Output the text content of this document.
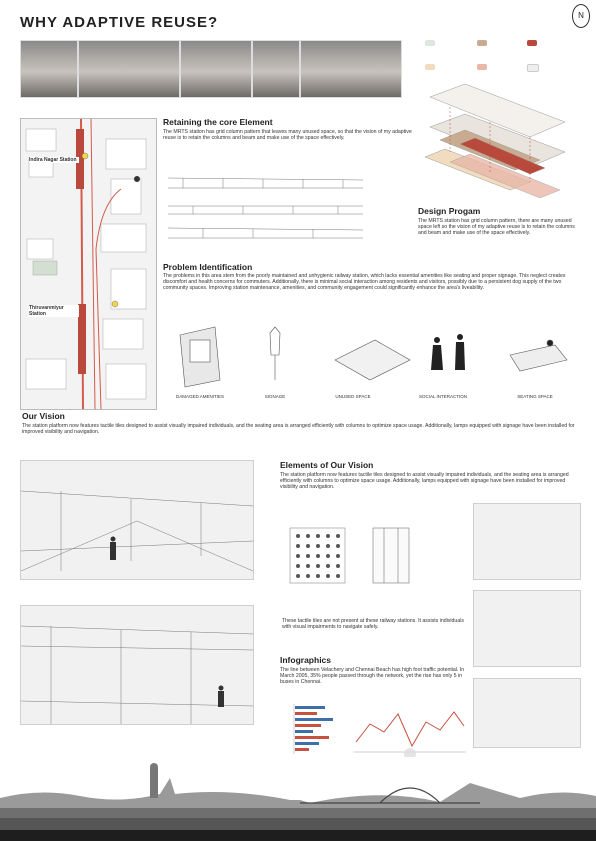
WHY ADAPTIVE REUSE?	N
Indira Nagar Station
Thiruvanmiyur Station
Retaining the core Element
The MRTS station has grid column pattern that leaves many unused space, so that the vision of my adaptive reuse is to retain the columns and beam and make use of the space effectively.
Design Progam
The MRTS station has grid column pattern, there are many unused space left so the vision of my adaptive reuse is to retain the columns and beam and make use of the space effectively.
Problem Identification
The problems in this area stem from the poorly maintained and unhygienic railway station, which lacks essential amenities like seating and proper signage. This neglect creates discomfort and health concerns for commuters. Additionally, there is minimal social interaction among residents and visitors, possibly due to a persistent dog supply of the two community spaces. Improving station maintenance, amenities, and community engagement could significantly enhance the area's liveability.
DAMAGED AMENITIES	SIGNAGE	UNUSED SPACE	SOCIAL INTERACTION	SEATING SPACE
Our Vision
The station platform now features tactile tiles designed to assist visually impaired individuals, and the seating area is arranged efficiently with columns to optimize space usage. Additionally, lamps equipped with signage have been installed for improved visibility and navigation.
Elements of Our Vision
The station platform now features tactile tiles designed to assist visually impaired individuals, and the seating area is arranged efficiently with columns to optimize space usage. Additionally, lamps equipped with signage have been installed for improved visibility and navigation.
These tactile tiles are not present at these railway stations. It assists individuals with visual impairments to navigate safely.
Infographics
The line between Velachery and Chennai Beach has high foot traffic potential. In March 2005, 35% people passed through the network, yet the rise has only 5 in buses in Chennai.
